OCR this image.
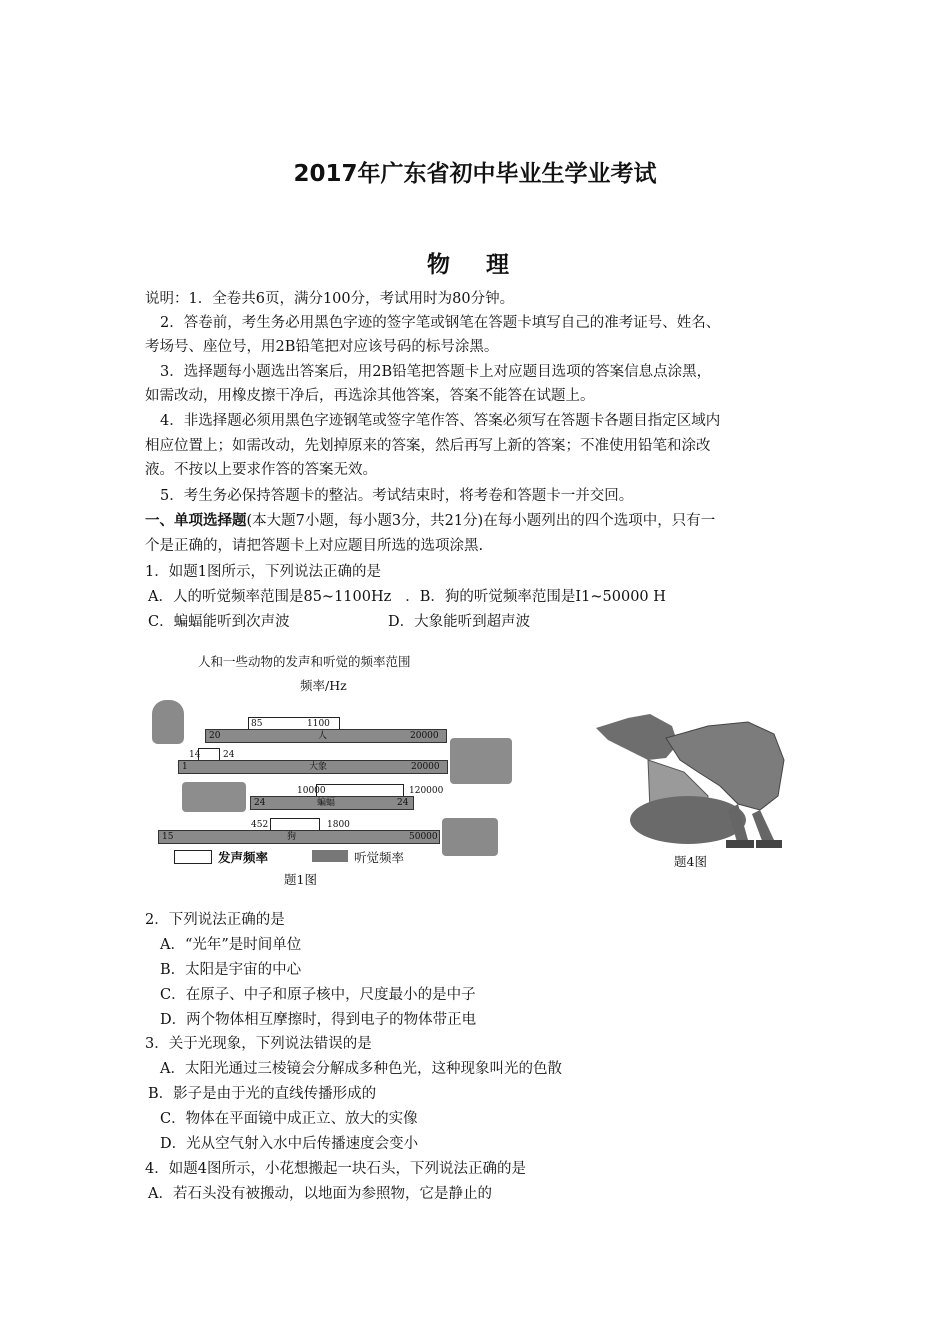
2017年广东省初中毕业生学业考试
物 理
说明：1．全卷共6页，满分100分，考试用时为80分钟。
2．答卷前，考生务必用黑色字迹的签字笔或钢笔在答题卡填写自己的准考证号、姓名、
考场号、座位号，用2B铅笔把对应该号码的标号涂黑。
3．选择题每小题选出答案后，用2B铅笔把答题卡上对应题目选项的答案信息点涂黑，
如需改动，用橡皮擦干净后，再选涂其他答案，答案不能答在试题上。
4．非选择题必须用黑色字迹钢笔或签字笔作答、答案必须写在答题卡各题目指定区域内
相应位置上；如需改动，先划掉原来的答案，然后再写上新的答案；不准使用铅笔和涂改
液。不按以上要求作答的答案无效。
5．考生务必保持答题卡的整沾。考试结束时，将考卷和答题卡一并交回。
一、单项选择题(本大题7小题，每小题3分，共21分)在每小题列出的四个选项中，只有一
个是正确的，请把答题卡上对应题目所选的选项涂黑.
1．如题1图所示，下列说法正确的是
A．人的听觉频率范围是85~1100Hz ．B．狗的听觉频率范围是I1~50000 H
C．蝙蝠能听到次声波	D．大象能听到超声波
人和一些动物的发声和听觉的频率范围
频率/Hz
85	1100
20	人	20000
14	24
1	大象	20000
10000	120000
24	蝙蝠	24
452	1800
15	狗	50000
发声频率	听觉频率
题1图
题4图
2．下列说法正确的是
A．“光年”是时间单位
B．太阳是宇宙的中心
C．在原子、中子和原子核中，尺度最小的是中子
D．两个物体相互摩擦时，得到电子的物体带正电
3．关于光现象，下列说法错误的是
A．太阳光通过三棱镜会分解成多种色光，这种现象叫光的色散
B．影子是由于光的直线传播形成的
C．物体在平面镜中成正立、放大的实像
D．光从空气射入水中后传播速度会变小
4．如题4图所示，小花想搬起一块石头，下列说法正确的是
A．若石头没有被搬动，以地面为参照物，它是静止的
